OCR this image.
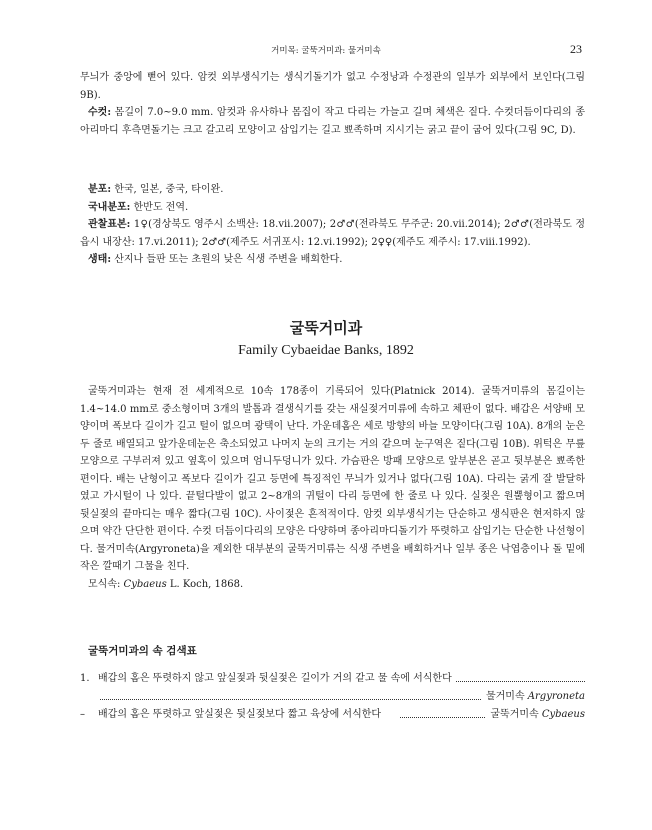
거미목: 굴뚝거미과: 물거미속	23

무늬가 중앙에 뻗어 있다. 암컷 외부생식기는 생식기돌기가 없고 수정낭과 수정관의 일부가 외부에서 보인다(그림 9B).

수컷: 몸길이 7.0~9.0 mm. 암컷과 유사하나 몸집이 작고 다리는 가늘고 길며 체색은 짙다. 수컷더듬이다리의 종아리마디 후측면돌기는 크고 갈고리 모양이고 삽입기는 길고 뾰족하며 지시기는 굵고 끝이 굽어 있다(그림 9C, D).

분포: 한국, 일본, 중국, 타이완.

국내분포: 한반도 전역.

관찰표본: 1♀(경상북도 영주시 소백산: 18.vii.2007); 2♂♂(전라북도 무주군: 20.vii.2014); 2♂♂(전라북도 정읍시 내장산: 17.vi.2011); 2♂♂(제주도 서귀포시: 12.vi.1992); 2♀♀(제주도 제주시: 17.viii.1992).

생태: 산지나 들판 또는 초원의 낮은 식생 주변을 배회한다.

굴뚝거미과
Family Cybaeidae Banks, 1892

굴뚝거미과는 현재 전 세계적으로 10속 178종이 기록되어 있다(Platnick 2014). 굴뚝거미류의 몸길이는 1.4~14.0 mm로 중소형이며 3개의 발톱과 결생식기를 갖는 새실젖거미류에 속하고 체판이 없다. 배갑은 서양배 모양이며 폭보다 길이가 길고 털이 없으며 광택이 난다. 가운데홈은 세로 방향의 바늘 모양이다(그림 10A). 8개의 눈은 두 줄로 배열되고 앞가운데눈은 축소되었고 나머지 눈의 크기는 거의 같으며 눈구역은 짙다(그림 10B). 위턱은 무릎 모양으로 구부러져 있고 옆혹이 있으며 엄니두덩니가 있다. 가슴판은 방패 모양으로 앞부분은 곧고 뒷부분은 뾰족한 편이다. 배는 난형이고 폭보다 길이가 길고 등면에 특징적인 무늬가 있거나 없다(그림 10A). 다리는 굵게 잘 발달하였고 가시털이 나 있다. 끝털다발이 없고 2~8개의 귀털이 다리 등면에 한 줄로 나 있다. 실젖은 원뿔형이고 짧으며 뒷실젖의 끝마디는 매우 짧다(그림 10C). 사이젖은 흔적적이다. 암컷 외부생식기는 단순하고 생식판은 현저하지 않으며 약간 단단한 편이다. 수컷 더듬이다리의 모양은 다양하며 종아리마디돌기가 뚜렷하고 삽입기는 단순한 나선형이다. 물거미속(Argyroneta)을 제외한 대부분의 굴뚝거미류는 식생 주변을 배회하거나 일부 종은 낙엽층이나 돌 밑에 작은 깔때기 그물을 친다.

모식속: Cybaeus L. Koch, 1868.

굴뚝거미과의 속 검색표
1. 배갑의 홈은 뚜렷하지 않고 앞실젖과 뒷실젖은 길이가 거의 같고 물 속에 서식한다
물거미속 Argyroneta
– 배갑의 홈은 뚜렷하고 앞실젖은 뒷실젖보다 짧고 육상에 서식한다	굴뚝거미속 Cybaeus
